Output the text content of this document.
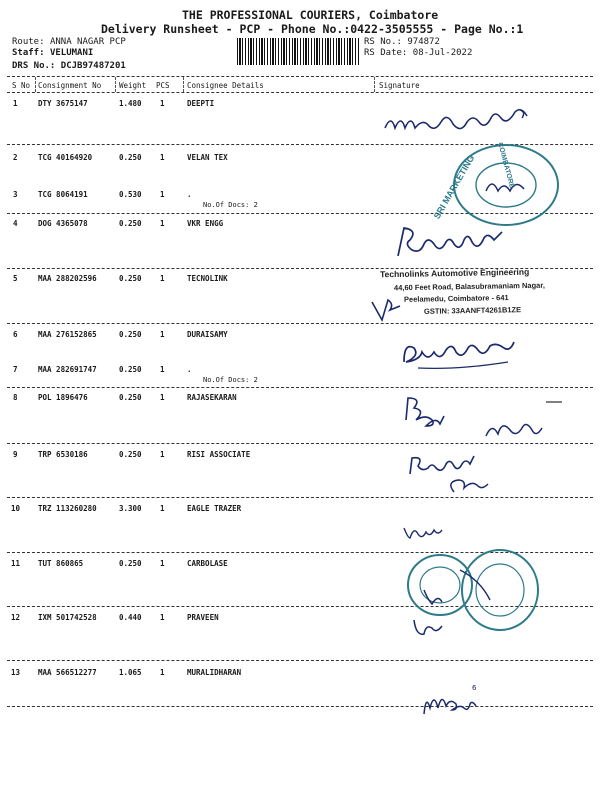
THE PROFESSIONAL COURIERS, Coimbatore
Delivery Runsheet - PCP - Phone No.:0422-3505555 - Page No.:1
Route: ANNA NAGAR PCP
Staff: VELUMANI
DRS No.: DCJB97487201
RS No.: 974872
RS Date: 08-Jul-2022
S No Consignment No Weight PCS Consignee Details	Signature
1	DTY 3675147	1.480 1	DEEPTI
2	TCG 40164920	0.250 1	VELAN TEX
3	TCG 8064191	0.530 1	.
No.Of Docs: 2
4	DOG 4365078	0.250 1	VKR ENGG
5	MAA 288202596	0.250 1	TECNOLINK
6	MAA 276152865	0.250 1	DURAISAMY
7	MAA 282691747	0.250 1	.
No.Of Docs: 2
8	POL 1896476	0.250 1	RAJASEKARAN
9	TRP 6530186	0.250 1	RISI ASSOCIATE
10 TRZ 113260280	3.300 1	EAGLE TRAZER
11 TUT 860865	0.250 1	CARBOLASE
12 IXM 501742528	0.440 1	PRAVEEN
13 MAA 566512277	1.065 1	MURALIDHARAN
SRI MARKETING	COIMBATORE
Technolinks Automotive Engineering
44,60 Feet Road, Balasubramaniam Nagar,
Peelamedu, Coimbatore - 641
GSTIN: 33AANFT4261B1ZE
6
